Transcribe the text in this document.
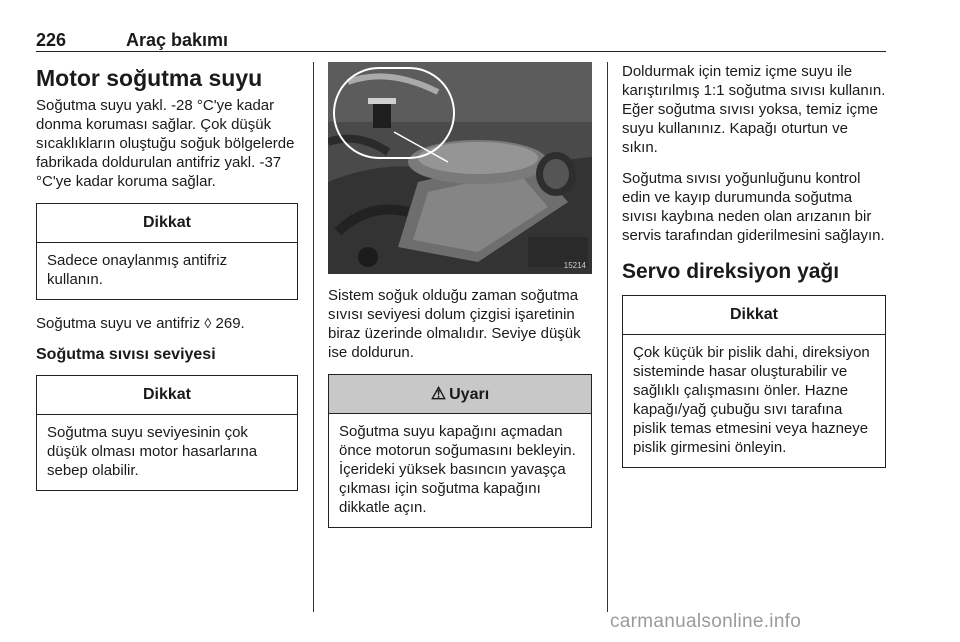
226	Araç bakımı
Motor soğutma suyu

Soğutma suyu yakl. -28 °C'ye kadar donma koruması sağlar. Çok düşük sıcaklıkların oluştuğu soğuk bölgelerde fabrikada doldurulan antifriz yakl. -37 °C'ye kadar koruma sağlar.

Dikkat
Sadece onaylanmış antifriz kullanın.

Soğutma suyu ve antifriz ◊ 269.

Soğutma sıvısı seviyesi
Dikkat
Soğutma suyu seviyesinin çok düşük olması motor hasarlarına sebep olabilir.
15214

Sistem soğuk olduğu zaman soğutma sıvısı seviyesi dolum çizgisi işaretinin biraz üzerinde olmalıdır. Seviye düşük ise doldurun.

⚠ Uyarı
Soğutma suyu kapağını açmadan önce motorun soğumasını bekleyin. İçerideki yüksek basıncın yavaşça çıkması için soğutma kapağını dikkatle açın.

Doldurmak için temiz içme suyu ile karıştırılmış 1:1 soğutma sıvısı kullanın. Eğer soğutma sıvısı yoksa, temiz içme suyu kullanınız. Kapağı oturtun ve sıkın.

Soğutma sıvısı yoğunluğunu kontrol edin ve kayıp durumunda soğutma sıvısı kaybına neden olan arızanın bir servis tarafından giderilmesini sağlayın.

Servo direksiyon yağı
Dikkat
Çok küçük bir pislik dahi, direksiyon sisteminde hasar oluşturabilir ve sağlıklı çalışmasını önler. Hazne kapağı/yağ çubuğu sıvı tarafına pislik temas etmesini veya hazneye pislik girmesini önleyin.
carmanualsonline.info
